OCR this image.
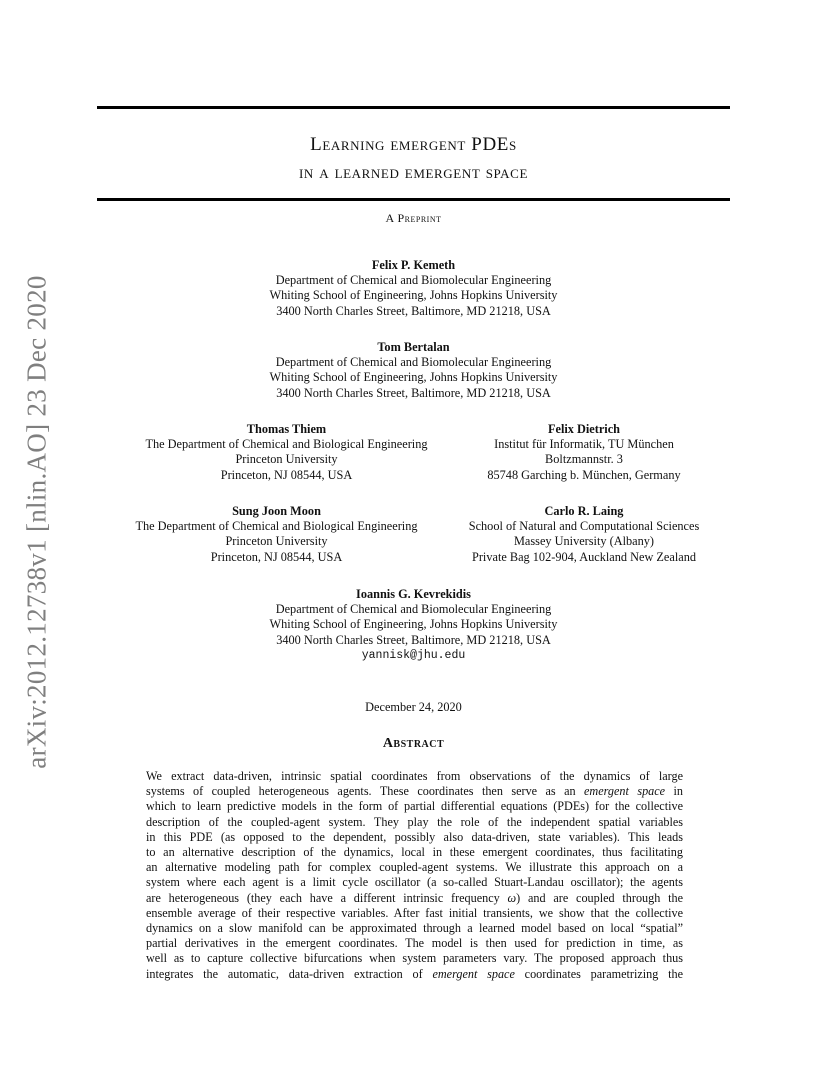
arXiv:2012.12738v1 [nlin.AO] 23 Dec 2020
Learning emergent PDEs
in a learned emergent space
A Preprint
Felix P. Kemeth
Department of Chemical and Biomolecular Engineering
Whiting School of Engineering, Johns Hopkins University
3400 North Charles Street, Baltimore, MD 21218, USA
Tom Bertalan
Department of Chemical and Biomolecular Engineering
Whiting School of Engineering, Johns Hopkins University
3400 North Charles Street, Baltimore, MD 21218, USA
Thomas Thiem
The Department of Chemical and Biological Engineering
Princeton University
Princeton, NJ 08544, USA
Felix Dietrich
Institut für Informatik, TU München
Boltzmannstr. 3
85748 Garching b. München, Germany
Sung Joon Moon
The Department of Chemical and Biological Engineering
Princeton University
Princeton, NJ 08544, USA
Carlo R. Laing
School of Natural and Computational Sciences
Massey University (Albany)
Private Bag 102-904, Auckland New Zealand
Ioannis G. Kevrekidis
Department of Chemical and Biomolecular Engineering
Whiting School of Engineering, Johns Hopkins University
3400 North Charles Street, Baltimore, MD 21218, USA
yannisk@jhu.edu
December 24, 2020
Abstract
We extract data-driven, intrinsic spatial coordinates from observations of the dynamics of large
systems of coupled heterogeneous agents. These coordinates then serve as an emergent space in
which to learn predictive models in the form of partial differential equations (PDEs) for the collective
description of the coupled-agent system. They play the role of the independent spatial variables
in this PDE (as opposed to the dependent, possibly also data-driven, state variables). This leads
to an alternative description of the dynamics, local in these emergent coordinates, thus facilitating
an alternative modeling path for complex coupled-agent systems. We illustrate this approach on a
system where each agent is a limit cycle oscillator (a so-called Stuart-Landau oscillator); the agents
are heterogeneous (they each have a different intrinsic frequency ω) and are coupled through the
ensemble average of their respective variables. After fast initial transients, we show that the collective
dynamics on a slow manifold can be approximated through a learned model based on local “spatial”
partial derivatives in the emergent coordinates. The model is then used for prediction in time, as
well as to capture collective bifurcations when system parameters vary. The proposed approach thus
integrates the automatic, data-driven extraction of emergent space coordinates parametrizing the
